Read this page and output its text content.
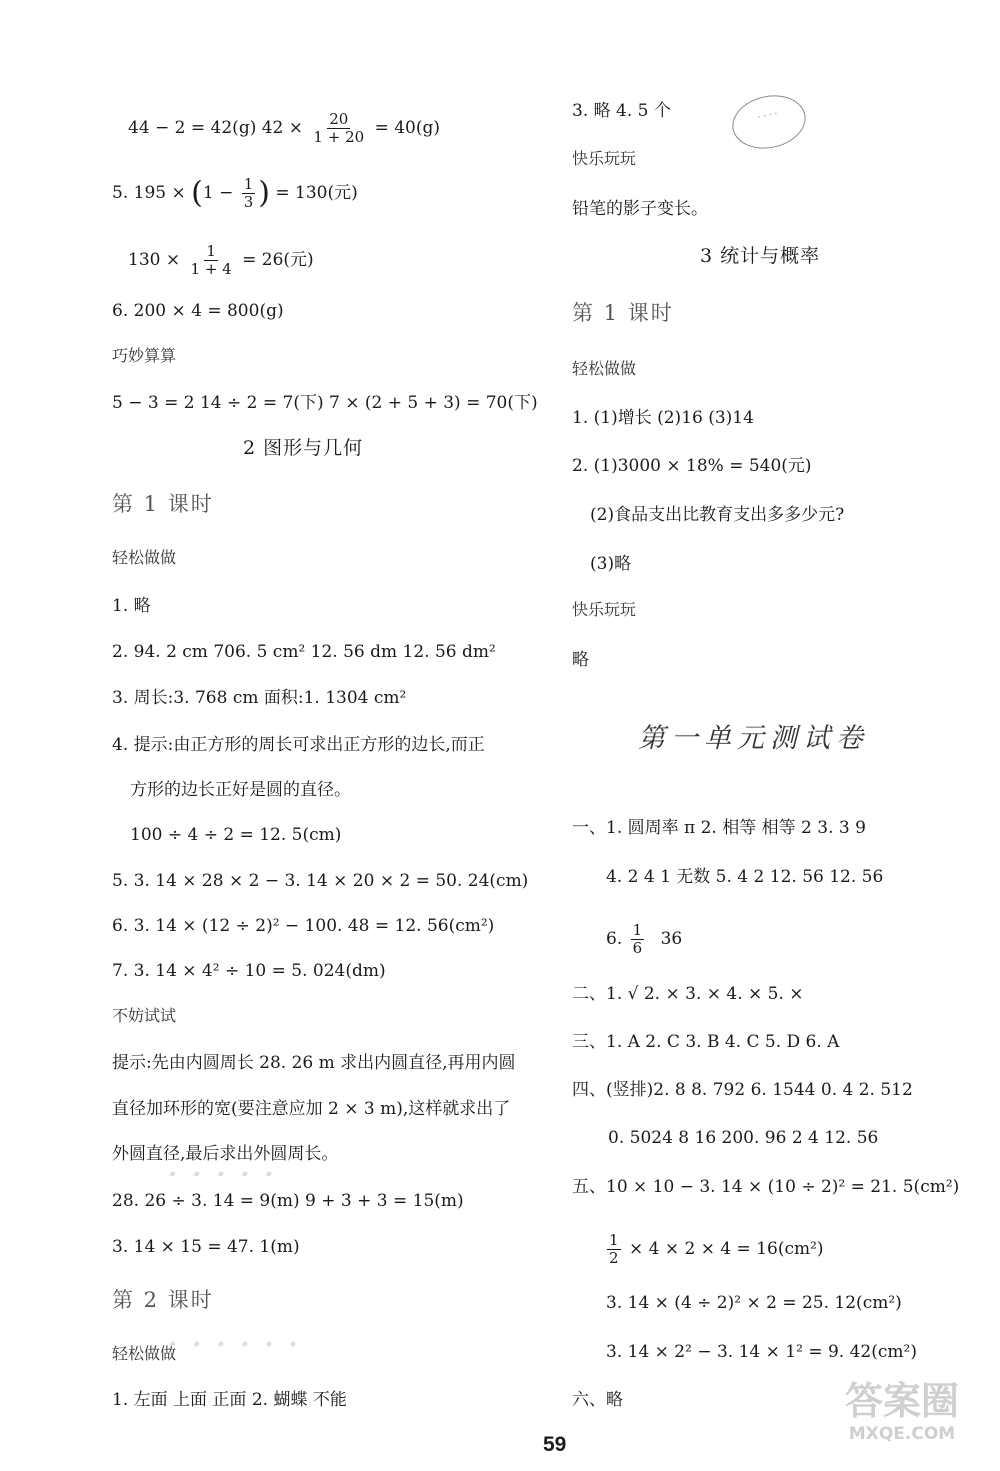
44 − 2 = 42(g) $42 \times \frac{20}{1 + 20} = 40(g)$
5. $195 \times (1 - \frac{1}{3}$ ) = 130(元)
$130 \times \frac{1}{1 + 4} = 26$(元)
6. 200 × 4 = 800(g)
巧妙算算
5 − 3 = 2 14 ÷ 2 = 7(下) 7 × (2 + 5 + 3) = 70(下)
2 图形与几何
第 1 课时
轻松做做
1. 略
2. 94. 2 cm 706. 5 cm² 12. 56 dm 12. 56 dm²
3. 周长:3. 768 cm 面积:1. 1304 cm²
4. 提示:由正方形的周长可求出正方形的边长,而正
方形的边长正好是圆的直径。
100 ÷ 4 ÷ 2 = 12. 5(cm)
5. 3. 14 × 28 × 2 − 3. 14 × 20 × 2 = 50. 24(cm)
6. 3. 14 × (12 ÷ 2)² − 100. 48 = 12. 56(cm²)
7. 3. 14 × 4² ÷ 10 = 5. 024(dm)
不妨试试
提示:先由内圆周长 28. 26 m 求出内圆直径,再用内圆
直径加环形的宽(要注意应加 2 × 3 m),这样就求出了
外圆直径,最后求出外圆周长。
28. 26 ÷ 3. 14 = 9(m) 9 + 3 + 3 = 15(m)
3. 14 × 15 = 47. 1(m)
第 2 课时
轻松做做
1. 左面 上面 正面 2. 蝴蝶 不能
· · · · ·
· · · · · ·
3. 略 4. 5 个	· · · ·
快乐玩玩
铅笔的影子变长。
3 统计与概率
第 1 课时
轻松做做
1. (1)增长 (2)16 (3)14
2. (1)3000 × 18% = 540(元)
(2)食品支出比教育支出多多少元?
(3)略
快乐玩玩
略
第一单元测试卷
一、1. 圆周率 π 2. 相等 相等 2 3. 3 9
4. 2 4 1 无数 5. 4 2 12. 56 12. 56
6. $\frac{1}{6} 36$
二、1. √ 2. × 3. × 4. × 5. ×
三、1. A 2. C 3. B 4. C 5. D 6. A
四、(竖排)2. 8 8. 792 6. 1544 0. 4 2. 512
0. 5024 8 16 200. 96 2 4 12. 56
五、10 × 10 − 3. 14 × (10 ÷ 2)² = 21. 5(cm²)
$\frac{1}{2} \times 4 \times 2 \times 4 = 16(cm^2)$
3. 14 × (4 ÷ 2)² × 2 = 25. 12(cm²)
3. 14 × 2² − 3. 14 × 1² = 9. 42(cm²)
六、略	答案圈
MXQE.COM
59
